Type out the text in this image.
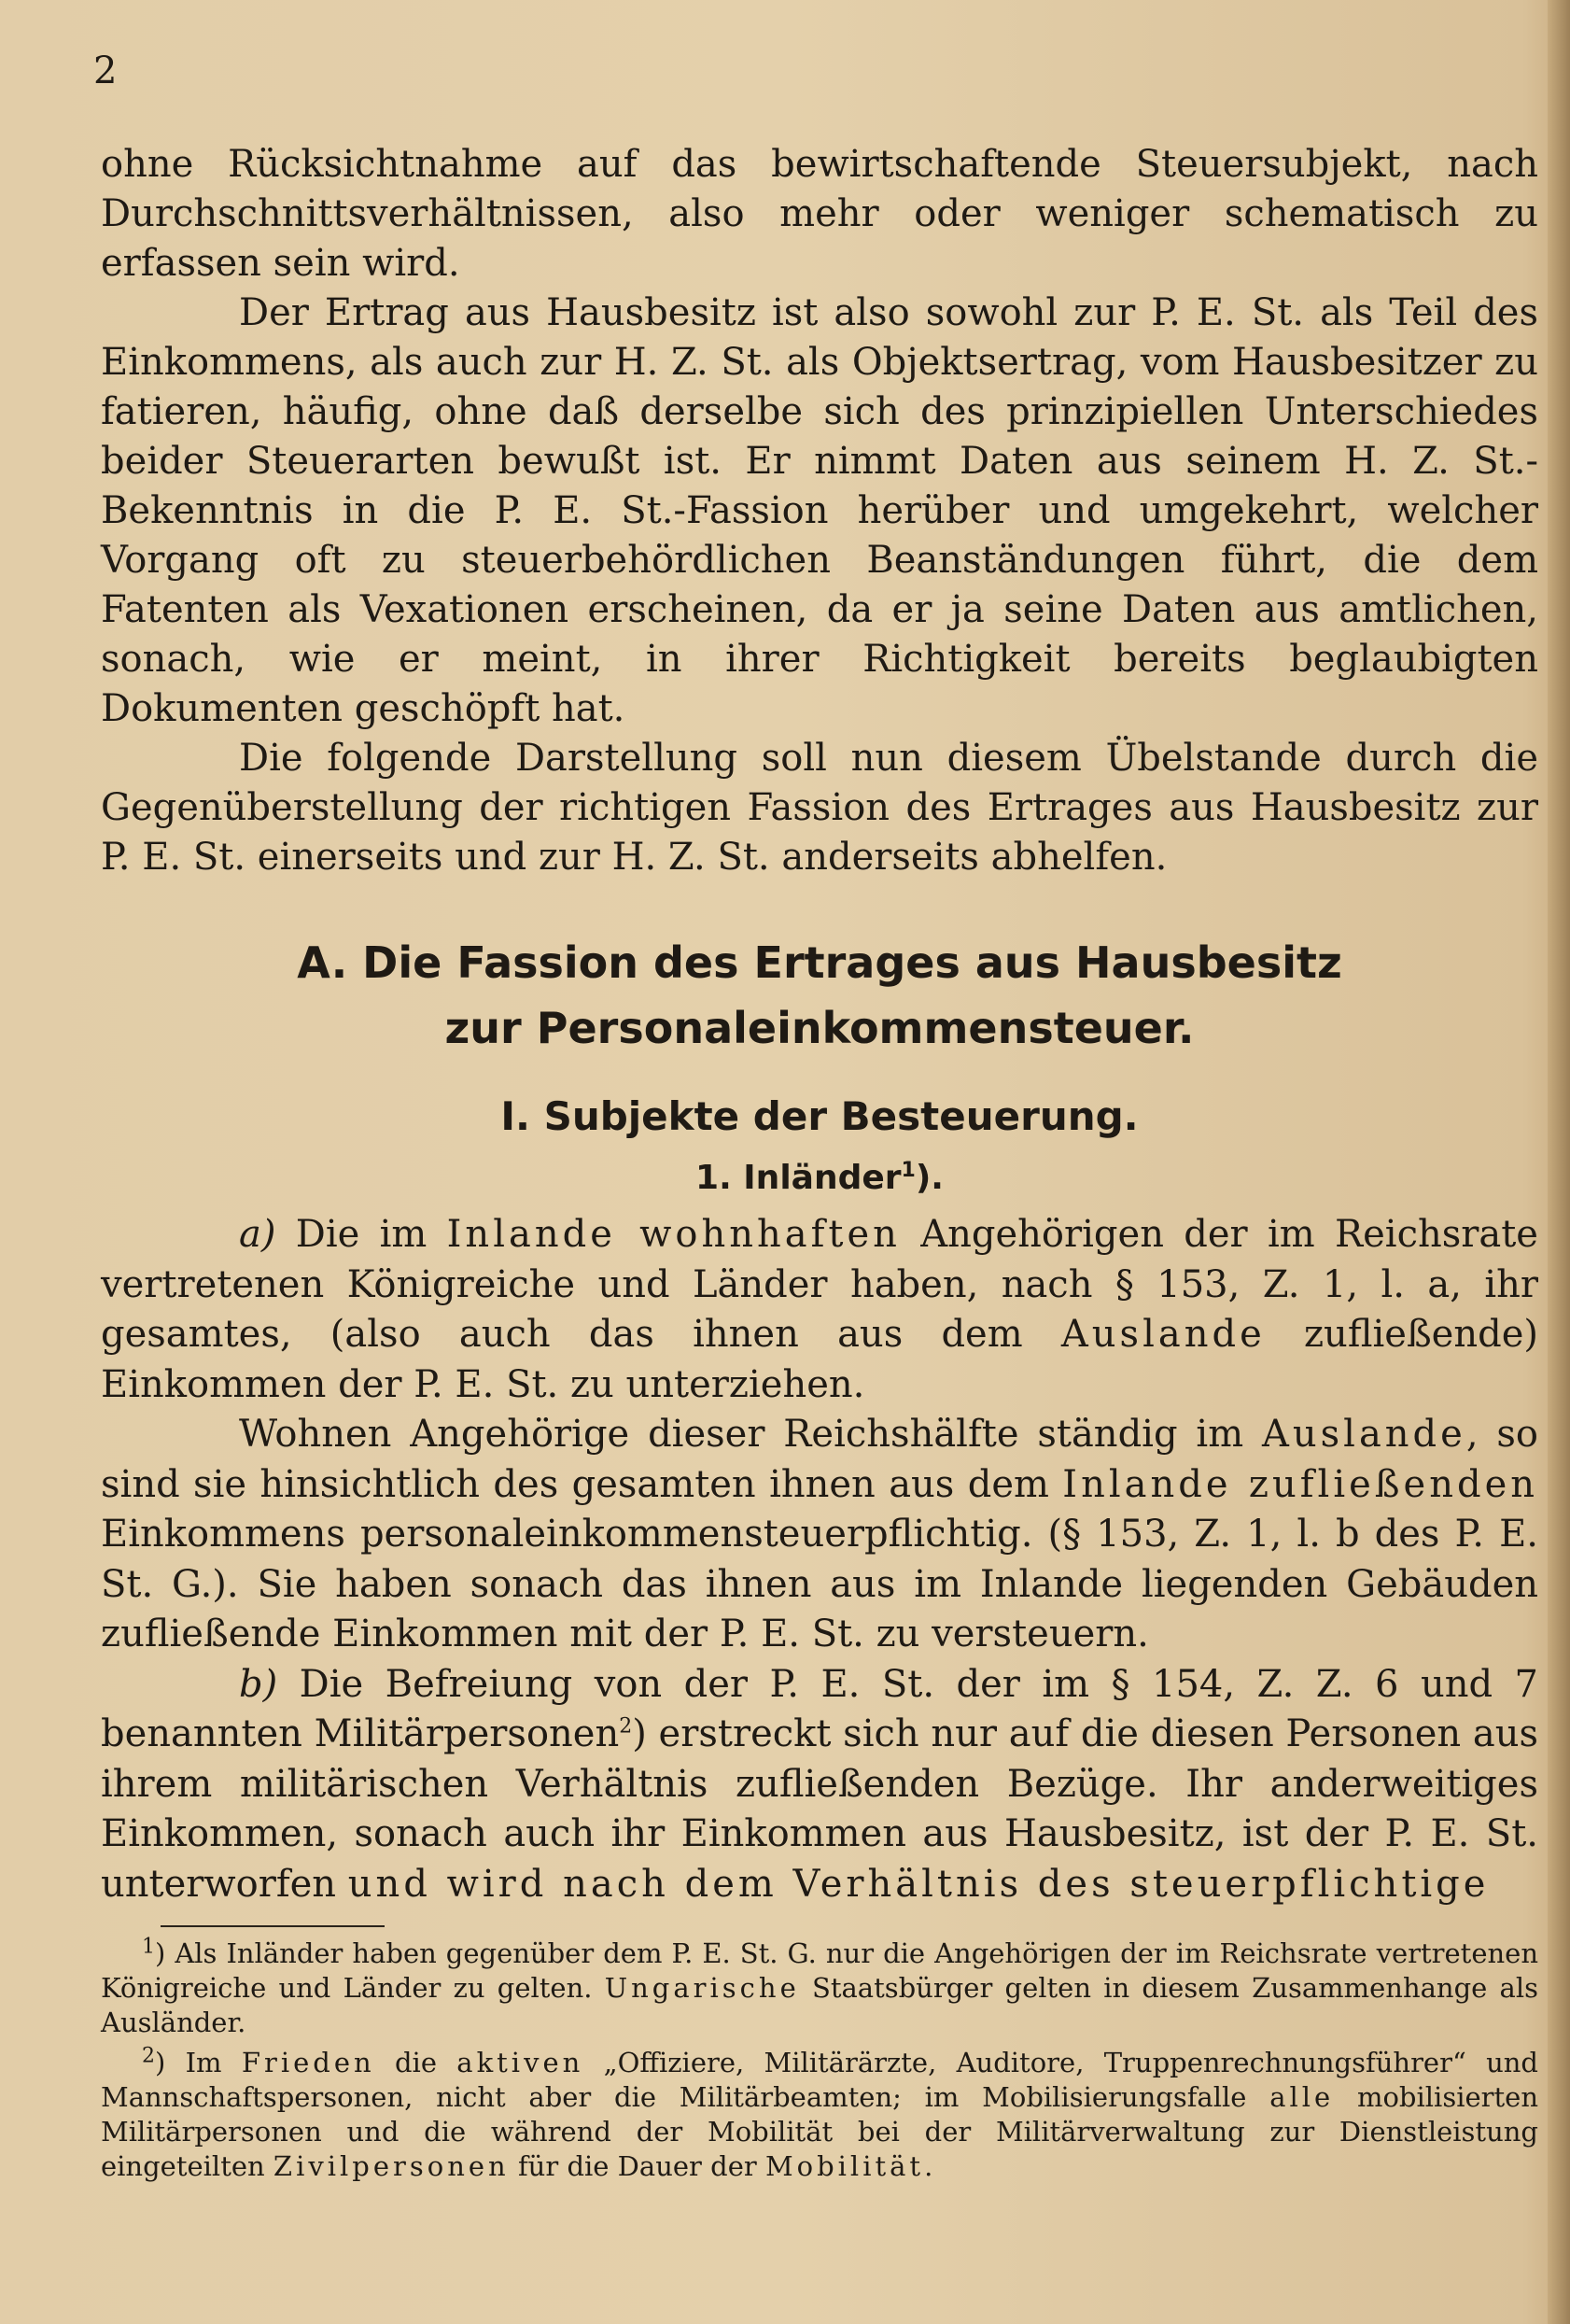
2

ohne Rücksichtnahme auf das bewirtschaftende Steuersubjekt, nach Durchschnittsverhältnissen, also mehr oder weniger schematisch zu erfassen sein wird.

Der Ertrag aus Hausbesitz ist also sowohl zur P. E. St. als Teil des Einkommens, als auch zur H. Z. St. als Objektsertrag, vom Hausbesitzer zu fatieren, häufig, ohne daß derselbe sich des prinzipiellen Unterschiedes beider Steuerarten bewußt ist. Er nimmt Daten aus seinem H. Z. St.-Bekenntnis in die P. E. St.-Fassion herüber und umgekehrt, welcher Vorgang oft zu steuerbehördlichen Beanständungen führt, die dem Fatenten als Vexationen erscheinen, da er ja seine Daten aus amtlichen, sonach, wie er meint, in ihrer Richtigkeit bereits beglaubigten Dokumenten geschöpft hat.

Die folgende Darstellung soll nun diesem Übelstande durch die Gegenüberstellung der richtigen Fassion des Ertrages aus Hausbesitz zur P. E. St. einerseits und zur H. Z. St. anderseits abhelfen.

A. Die Fassion des Ertrages aus Hausbesitz
zur Personaleinkommensteuer.
I. Subjekte der Besteuerung.
1. Inländer$^1$).

a) Die im Inlande wohnhaften Angehörigen der im Reichsrate vertretenen Königreiche und Länder haben, nach § 153, Z. 1, l. a, ihr gesamtes, (also auch das ihnen aus dem Auslande zufließende) Einkommen der P. E. St. zu unterziehen.

Wohnen Angehörige dieser Reichshälfte ständig im Auslande, so sind sie hinsichtlich des gesamten ihnen aus dem Inlande zufließenden Einkommens personaleinkommensteuerpflichtig. (§ 153, Z. 1, l. b des P. E. St. G.). Sie haben sonach das ihnen aus im Inlande liegenden Gebäuden zufließende Einkommen mit der P. E. St. zu versteuern.

b) Die Befreiung von der P. E. St. der im § 154, Z. Z. 6 und 7 benannten Militärpersonen$^2$) erstreckt sich nur auf die diesen Personen aus ihrem militärischen Verhältnis zufließenden Bezüge. Ihr anderweitiges Einkommen, sonach auch ihr Einkommen aus Hausbesitz, ist der P. E. St. unterworfen und wird nach dem Verhältnis des steuerpflichtige

$^1$) Als Inländer haben gegenüber dem P. E. St. G. nur die Angehörigen der im Reichsrate vertretenen Königreiche und Länder zu gelten. Ungarische Staatsbürger gelten in diesem Zusammenhange als Ausländer.

$^2$) Im Frieden die aktiven „Offiziere, Militärärzte, Auditore, Truppenrechnungsführer“ und Mannschaftspersonen, nicht aber die Militärbeamten; im Mobilisierungsfalle alle mobilisierten Militärpersonen und die während der Mobilität bei der Militärverwaltung zur Dienstleistung eingeteilten Zivilpersonen für die Dauer der Mobilität.
